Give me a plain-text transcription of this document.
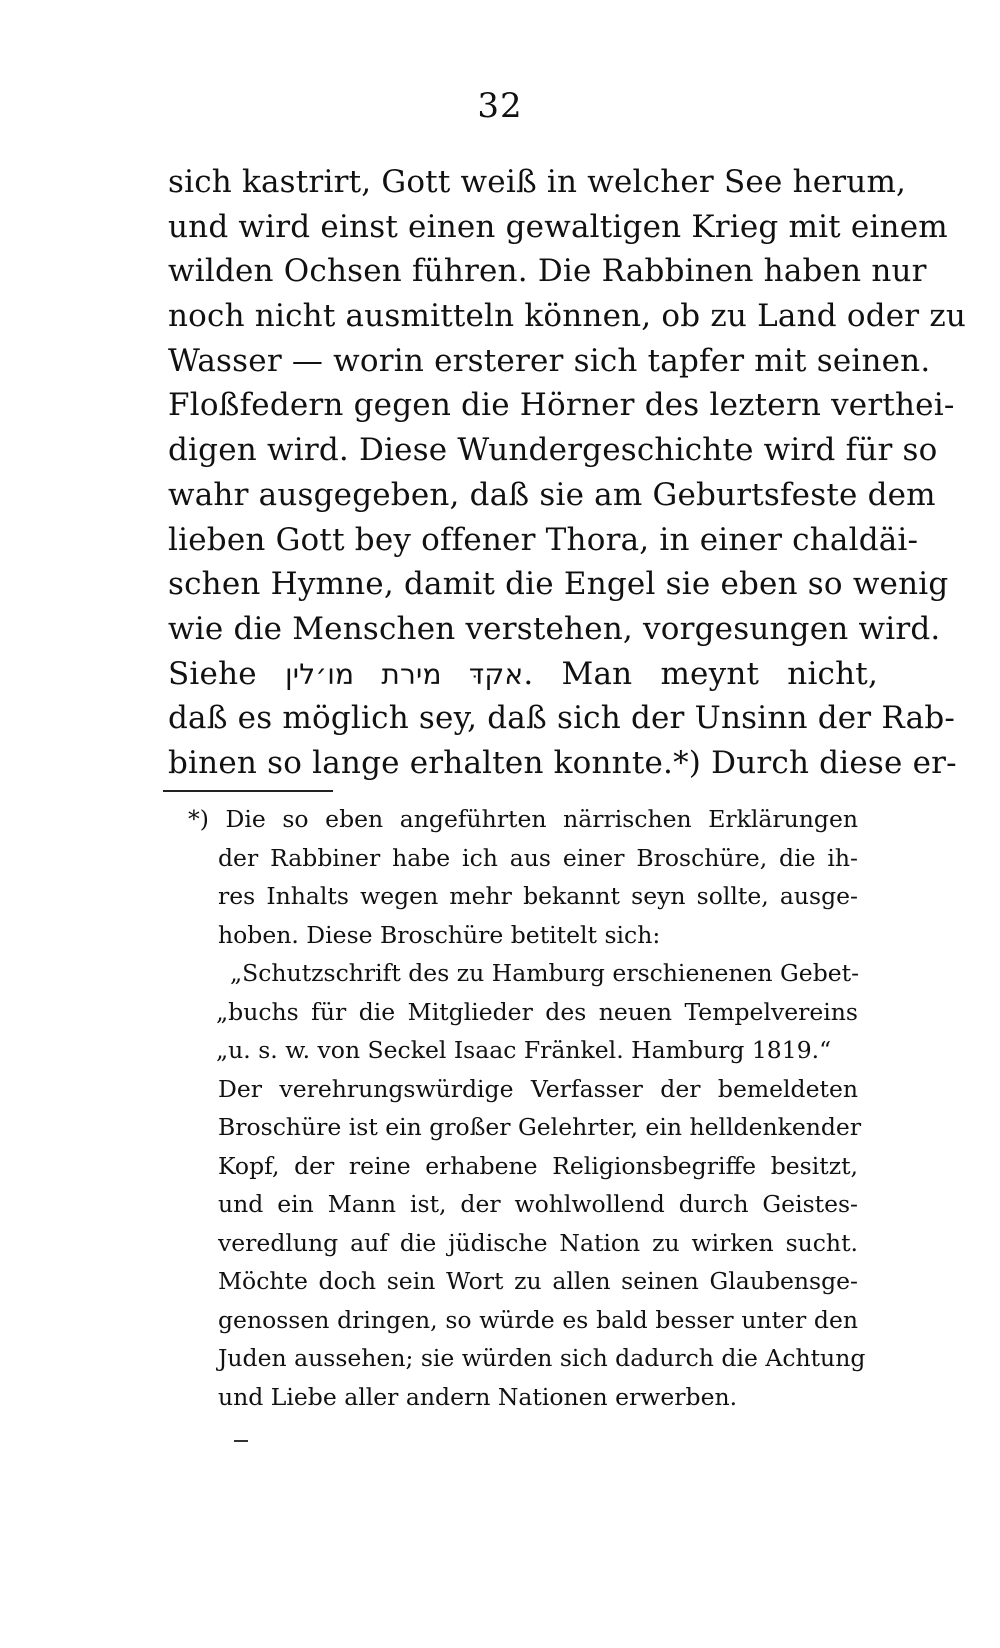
32
sich kastrirt, Gott weiß in welcher See herum,
und wird einst einen gewaltigen Krieg mit einem
wilden Ochsen führen. Die Rabbinen haben nur
noch nicht ausmitteln können, ob zu Land oder zu
Wasser — worin ersterer sich tapfer mit seinen.
Floßfedern gegen die Hörner des leztern verthei-
digen wird. Diese Wundergeschichte wird für so
wahr ausgegeben, daß sie am Geburtsfeste dem
lieben Gott bey offener Thora, in einer chaldäi-
schen Hymne, damit die Engel sie eben so wenig
wie die Menschen verstehen, vorgesungen wird.
Siehe אקדּ מירת מו׳לין. Man meynt nicht,
daß es möglich sey, daß sich der Unsinn der Rab-
binen so lange erhalten konnte.*) Durch diese er-
*) Die so eben angeführten närrischen Erklärungen
der Rabbiner habe ich aus einer Broschüre, die ih-
res Inhalts wegen mehr bekannt seyn sollte, ausge-
hoben. Diese Broschüre betitelt sich:
„Schutzschrift des zu Hamburg erschienenen Gebet-
„buchs für die Mitglieder des neuen Tempelvereins
„u. s. w. von Seckel Isaac Fränkel. Hamburg 1819.“
Der verehrungswürdige Verfasser der bemeldeten
Broschüre ist ein großer Gelehrter, ein helldenkender
Kopf, der reine erhabene Religionsbegriffe besitzt,
und ein Mann ist, der wohlwollend durch Geistes-
veredlung auf die jüdische Nation zu wirken sucht.
Möchte doch sein Wort zu allen seinen Glaubensge-
genossen dringen, so würde es bald besser unter den
Juden aussehen; sie würden sich dadurch die Achtung
und Liebe aller andern Nationen erwerben.
